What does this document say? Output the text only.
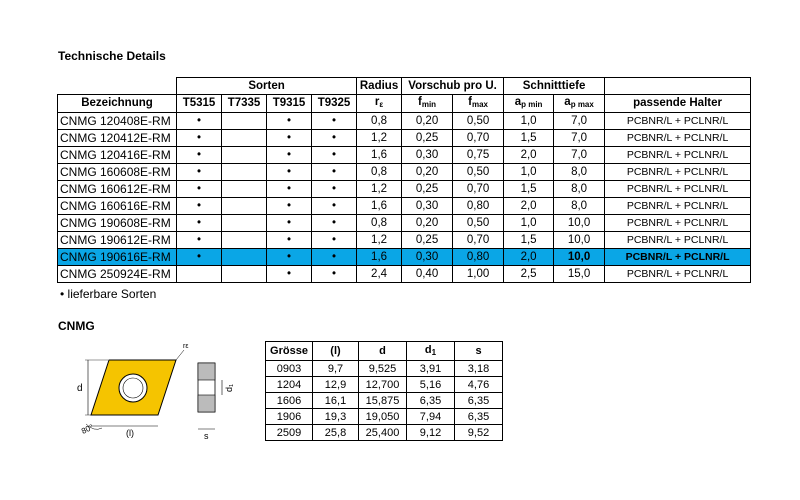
Technische Details
	Sorten				Radius	Vorschub pro U.		Schnitttiefe		
Bezeichnung	T5315	T7335	T9315	T9325	$r_\varepsilon$	$f_{min}$	$f_{max}$	$a_{p min}$	$a_{p max}$	passende Halter
CNMG 120408E-RM	•		•	•	0,8	0,20	0,50	1,0	7,0	PCBNR/L + PCLNR/L
CNMG 120412E-RM	•		•	•	1,2	0,25	0,70	1,5	7,0	PCBNR/L + PCLNR/L
CNMG 120416E-RM	•		•	•	1,6	0,30	0,75	2,0	7,0	PCBNR/L + PCLNR/L
CNMG 160608E-RM	•		•	•	0,8	0,20	0,50	1,0	8,0	PCBNR/L + PCLNR/L
CNMG 160612E-RM	•		•	•	1,2	0,25	0,70	1,5	8,0	PCBNR/L + PCLNR/L
CNMG 160616E-RM	•		•	•	1,6	0,30	0,80	2,0	8,0	PCBNR/L + PCLNR/L
CNMG 190608E-RM	•		•	•	0,8	0,20	0,50	1,0	10,0	PCBNR/L + PCLNR/L
CNMG 190612E-RM	•		•	•	1,2	0,25	0,70	1,5	10,0	PCBNR/L + PCLNR/L
CNMG 190616E-RM	•		•	•	1,6	0,30	0,80	2,0	10,0	PCBNR/L + PCLNR/L
CNMG 250924E-RM			•	•	2,4	0,40	1,00	2,5	15,0	PCBNR/L + PCLNR/L
• lieferbare Sorten
CNMG
d
(l)
80°
rε
d₁
s
Grösse	(l)	d	$d_1$	s
0903	9,7	9,525	3,91	3,18
1204	12,9	12,700	5,16	4,76
1606	16,1	15,875	6,35	6,35
1906	19,3	19,050	7,94	6,35
2509	25,8	25,400	9,12	9,52
